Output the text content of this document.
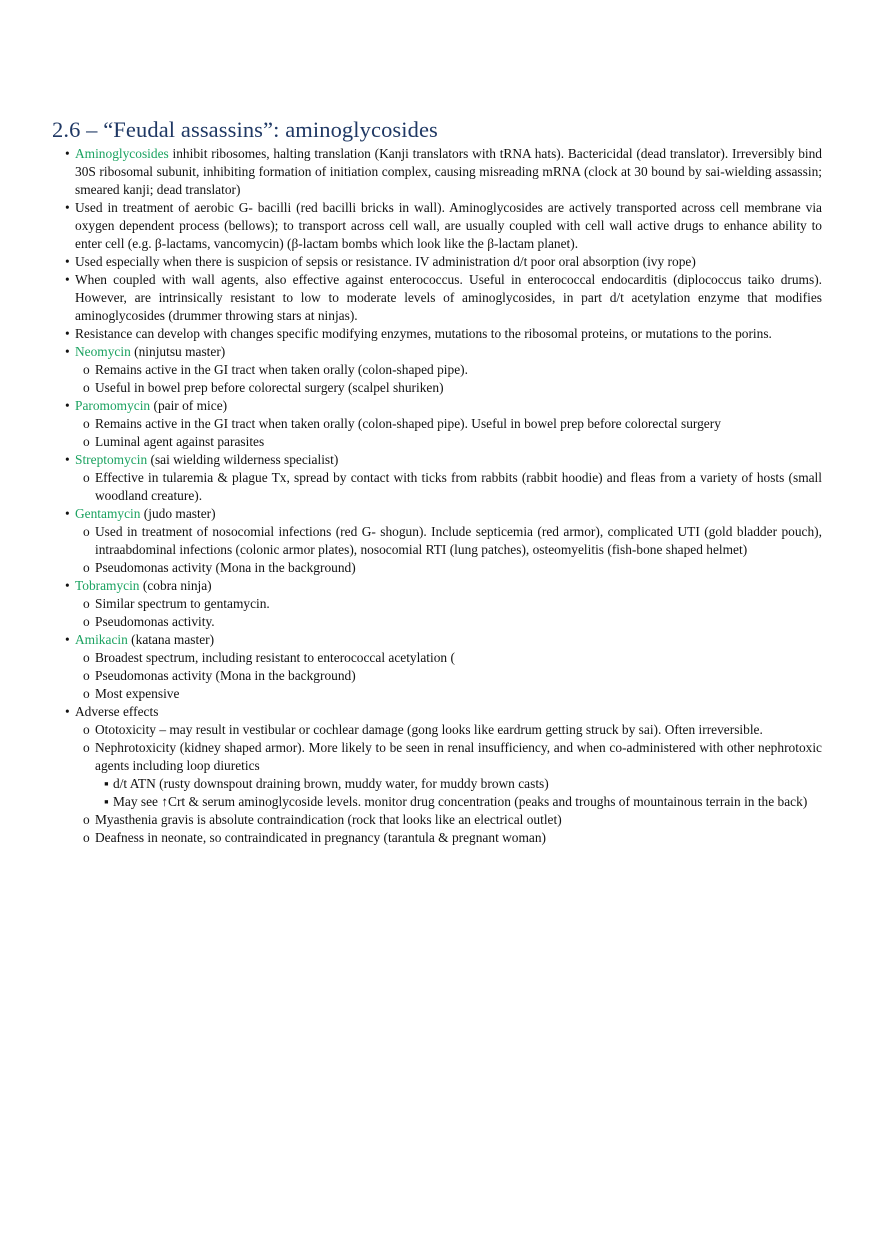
2.6 – “Feudal assassins”: aminoglycosides

• Aminoglycosides inhibit ribosomes, halting translation (Kanji translators with tRNA hats). Bactericidal (dead translator). Irreversibly bind 30S ribosomal subunit, inhibiting formation of initiation complex, causing misreading mRNA (clock at 30 bound by sai-wielding assassin; smeared kanji; dead translator)

• Used in treatment of aerobic G- bacilli (red bacilli bricks in wall). Aminoglycosides are actively transported across cell membrane via oxygen dependent process (bellows); to transport across cell wall, are usually coupled with cell wall active drugs to enhance ability to enter cell (e.g. β-lactams, vancomycin) (β-lactam bombs which look like the β-lactam planet).

• Used especially when there is suspicion of sepsis or resistance. IV administration d/t poor oral absorption (ivy rope)

• When coupled with wall agents, also effective against enterococcus. Useful in enterococcal endocarditis (diplococcus taiko drums). However, are intrinsically resistant to low to moderate levels of aminoglycosides, in part d/t acetylation enzyme that modifies aminoglycosides (drummer throwing stars at ninjas).

• Resistance can develop with changes specific modifying enzymes, mutations to the ribosomal proteins, or mutations to the porins.

• Neomycin (ninjutsu master)

o Remains active in the GI tract when taken orally (colon-shaped pipe).

o Useful in bowel prep before colorectal surgery (scalpel shuriken)

• Paromomycin (pair of mice)

o Remains active in the GI tract when taken orally (colon-shaped pipe). Useful in bowel prep before colorectal surgery

o Luminal agent against parasites

• Streptomycin (sai wielding wilderness specialist)

o Effective in tularemia & plague Tx, spread by contact with ticks from rabbits (rabbit hoodie) and fleas from a variety of hosts (small woodland creature).

• Gentamycin (judo master)

o Used in treatment of nosocomial infections (red G- shogun). Include septicemia (red armor), complicated UTI (gold bladder pouch), intraabdominal infections (colonic armor plates), nosocomial RTI (lung patches), osteomyelitis (fish-bone shaped helmet)

o Pseudomonas activity (Mona in the background)

• Tobramycin (cobra ninja)

o Similar spectrum to gentamycin.

o Pseudomonas activity.

• Amikacin (katana master)

o Broadest spectrum, including resistant to enterococcal acetylation (

o Pseudomonas activity (Mona in the background)

o Most expensive

• Adverse effects

o Ototoxicity – may result in vestibular or cochlear damage (gong looks like eardrum getting struck by sai). Often irreversible.

o Nephrotoxicity (kidney shaped armor). More likely to be seen in renal insufficiency, and when co-administered with other nephrotoxic agents including loop diuretics

▪ d/t ATN (rusty downspout draining brown, muddy water, for muddy brown casts)

▪ May see ↑Crt & serum aminoglycoside levels. monitor drug concentration (peaks and troughs of mountainous terrain in the back)

o Myasthenia gravis is absolute contraindication (rock that looks like an electrical outlet)

o Deafness in neonate, so contraindicated in pregnancy (tarantula & pregnant woman)
